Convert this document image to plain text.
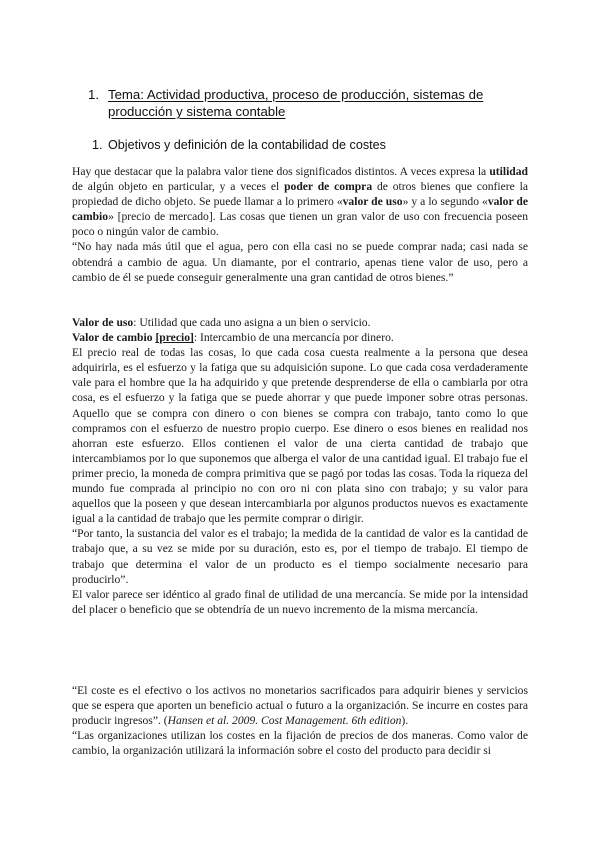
1. Tema: Actividad productiva, proceso de producción, sistemas de producción y sistema contable
1. Objetivos y definición de la contabilidad de costes

Hay que destacar que la palabra valor tiene dos significados distintos. A veces expresa la utilidad de algún objeto en particular, y a veces el poder de compra de otros bienes que confiere la propiedad de dicho objeto. Se puede llamar a lo primero «valor de uso» y a lo segundo «valor de cambio» [precio de mercado]. Las cosas que tienen un gran valor de uso con frecuencia poseen poco o ningún valor de cambio.

“No hay nada más útil que el agua, pero con ella casi no se puede comprar nada; casi nada se obtendrá a cambio de agua. Un diamante, por el contrario, apenas tiene valor de uso, pero a cambio de él se puede conseguir generalmente una gran cantidad de otros bienes.”

Valor de uso: Utilidad que cada uno asigna a un bien o servicio.

Valor de cambio [precio]: Intercambio de una mercancía por dinero.

El precio real de todas las cosas, lo que cada cosa cuesta realmente a la persona que desea adquirirla, es el esfuerzo y la fatiga que su adquisición supone. Lo que cada cosa verdaderamente vale para el hombre que la ha adquirido y que pretende desprenderse de ella o cambiarla por otra cosa, es el esfuerzo y la fatiga que se puede ahorrar y que puede imponer sobre otras personas. Aquello que se compra con dinero o con bienes se compra con trabajo, tanto como lo que compramos con el esfuerzo de nuestro propio cuerpo. Ese dinero o esos bienes en realidad nos ahorran este esfuerzo. Ellos contienen el valor de una cierta cantidad de trabajo que intercambiamos por lo que suponemos que alberga el valor de una cantidad igual. El trabajo fue el primer precio, la moneda de compra primitiva que se pagó por todas las cosas. Toda la riqueza del mundo fue comprada al principio no con oro ni con plata sino con trabajo; y su valor para aquellos que la poseen y que desean intercambiarla por algunos productos nuevos es exactamente igual a la cantidad de trabajo que les permite comprar o dirigir.

“Por tanto, la sustancia del valor es el trabajo; la medida de la cantidad de valor es la cantidad de trabajo que, a su vez se mide por su duración, esto es, por el tiempo de trabajo. El tiempo de trabajo que determina el valor de un producto es el tiempo socialmente necesario para producirlo”.

El valor parece ser idéntico al grado final de utilidad de una mercancía. Se mide por la intensidad del placer o beneficio que se obtendría de un nuevo incremento de la misma mercancía.

“El coste es el efectivo o los activos no monetarios sacrificados para adquirir bienes y servicios que se espera que aporten un beneficio actual o futuro a la organización. Se incurre en costes para producir ingresos”. (Hansen et al. 2009. Cost Management. 6th edition).

“Las organizaciones utilizan los costes en la fijación de precios de dos maneras. Como valor de cambio, la organización utilizará la información sobre el costo del producto para decidir si
